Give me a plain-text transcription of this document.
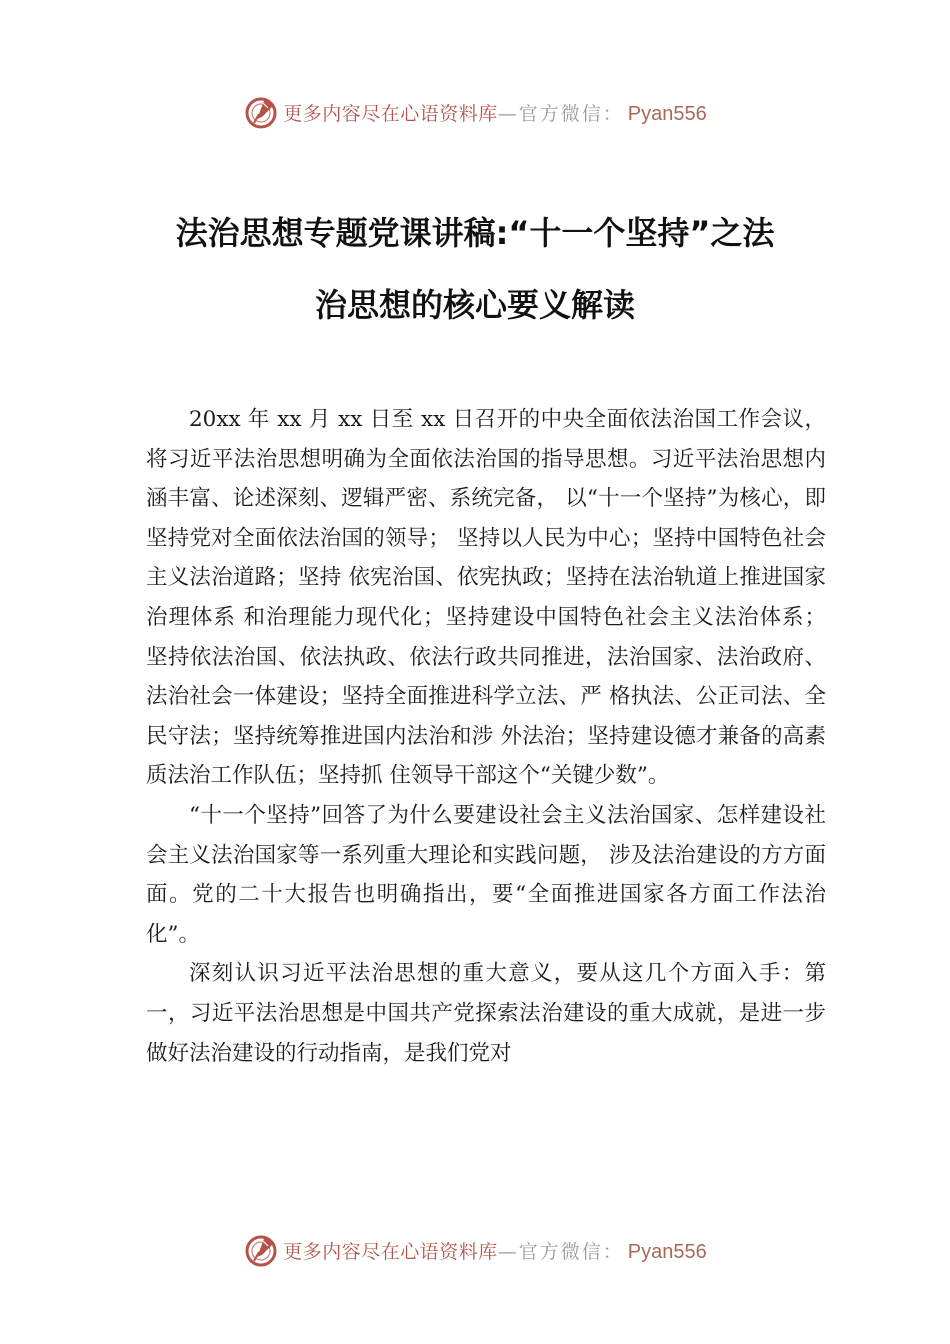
更多内容尽在心语资料库 —官方微信： Pyan556
法治思想专题党课讲稿:“十一个坚持”之法
治思想的核心要义解读

20xx 年 xx 月 xx 日至 xx 日召开的中央全面依法治国工作会议，将习近平法治思想明确为全面依法治国的指导思想。习近平法治思想内涵丰富、论述深刻、逻辑严密、系统完备， 以“十一个坚持”为核心，即坚持党对全面依法治国的领导； 坚持以人民为中心；坚持中国特色社会主义法治道路；坚持 依宪治国、依宪执政；坚持在法治轨道上推进国家治理体系 和治理能力现代化；坚持建设中国特色社会主义法治体系； 坚持依法治国、依法执政、依法行政共同推进，法治国家、法治政府、法治社会一体建设；坚持全面推进科学立法、严 格执法、公正司法、全民守法；坚持统筹推进国内法治和涉 外法治；坚持建设德才兼备的高素质法治工作队伍；坚持抓 住领导干部这个“关键少数”。

“十一个坚持”回答了为什么要建设社会主义法治国家、怎样建设社会主义法治国家等一系列重大理论和实践问题， 涉及法治建设的方方面面。党的二十大报告也明确指出，要“全面推进国家各方面工作法治化”。

深刻认识习近平法治思想的重大意义，要从这几个方面入手：第一，习近平法治思想是中国共产党探索法治建设的重大成就，是进一步做好法治建设的行动指南，是我们党对

更多内容尽在心语资料库 —官方微信： Pyan556
